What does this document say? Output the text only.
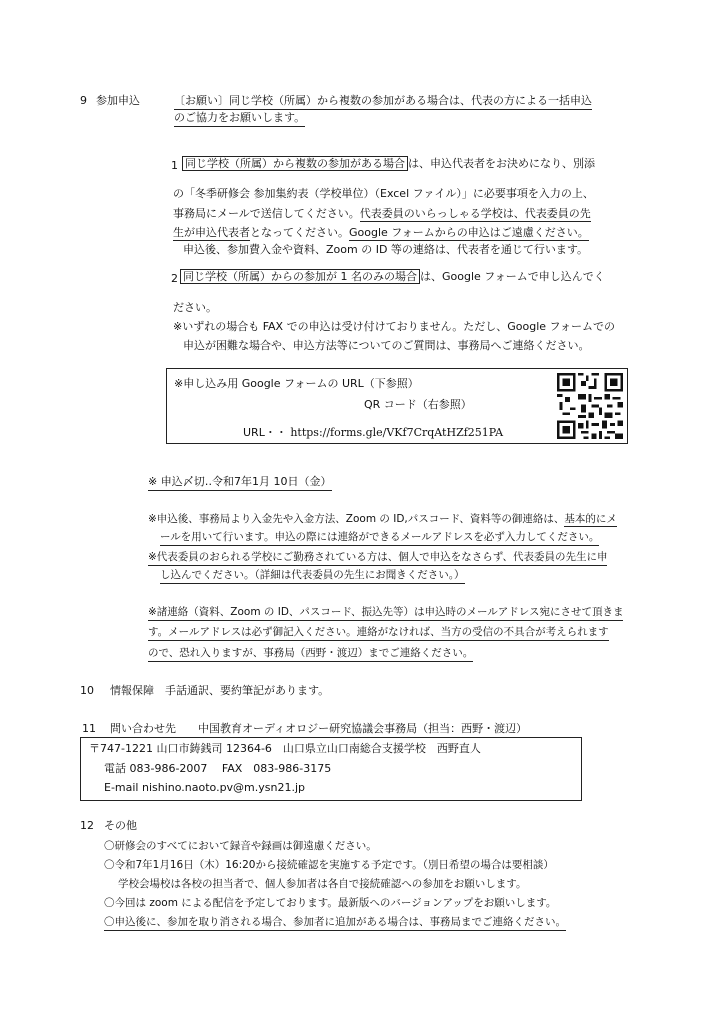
9 参加申込	〔お願い〕同じ学校（所属）から複数の参加がある場合は、代表の方による一括申込
のご協力をお願いします。
1 同じ学校（所属）から複数の参加がある場合 は、申込代表者をお決めになり、別添
の「冬季研修会 参加集約表（学校単位）（Excel ファイル）」に必要事項を入力の上、
事務局にメールで送信してください。代表委員のいらっしゃる学校は、代表委員の先
生が申込代表者となってください。Google フォームからの申込はご遠慮ください。
申込後、参加費入金や資料、Zoom の ID 等の連絡は、代表者を通じて行います。
2 同じ学校（所属）からの参加が 1 名のみの場合 は、Google フォームで申し込んでく
ださい。
※いずれの場合も FAX での申込は受け付けておりません。ただし、Google フォームでの
申込が困難な場合や、申込方法等についてのご質問は、事務局へご連絡ください。
※申し込み用 Google フォームの URL（下参照）
QR コード（右参照）
URL・・ https://forms.gle/VKf7CrqAtHZf251PA
※ 申込〆切‥令和7年1月 10日（金）
※申込後、事務局より入金先や入金方法、Zoom の ID,パスコード、資料等の御連絡は、基本的にメ
ールを用いて行います。申込の際には連絡ができるメールアドレスを必ず入力してください。
※代表委員のおられる学校にご勤務されている方は、個人で申込をなさらず、代表委員の先生に申
し込んでください。（詳細は代表委員の先生にお聞きください。）
※諸連絡（資料、Zoom の ID、パスコード、振込先等）は申込時のメールアドレス宛にさせて頂きま
す。メールアドレスは必ず御記入ください。連絡がなければ、当方の受信の不具合が考えられます
ので、恐れ入りますが、事務局（西野・渡辺）までご連絡ください。
10 情報保障　手話通訳、要約筆記があります。
11 問い合わせ先　　中国教育オーディオロジー研究協議会事務局（担当：西野・渡辺）
〒747-1221 山口市鋳銭司 12364-6　山口県立山口南総合支援学校　西野直人
電話 083-986-2007　 FAX　083-986-3175
E-mail nishino.naoto.pv@m.ysn21.jp
12 その他
〇研修会のすべてにおいて録音や録画は御遠慮ください。
〇令和7年1月16日（木）16:20から接続確認を実施する予定です。（別日希望の場合は要相談）
学校会場校は各校の担当者で、個人参加者は各自で接続確認への参加をお願いします。
〇今回は zoom による配信を予定しております。最新版へのバージョンアップをお願いします。
〇申込後に、参加を取り消される場合、参加者に追加がある場合は、事務局までご連絡ください。
